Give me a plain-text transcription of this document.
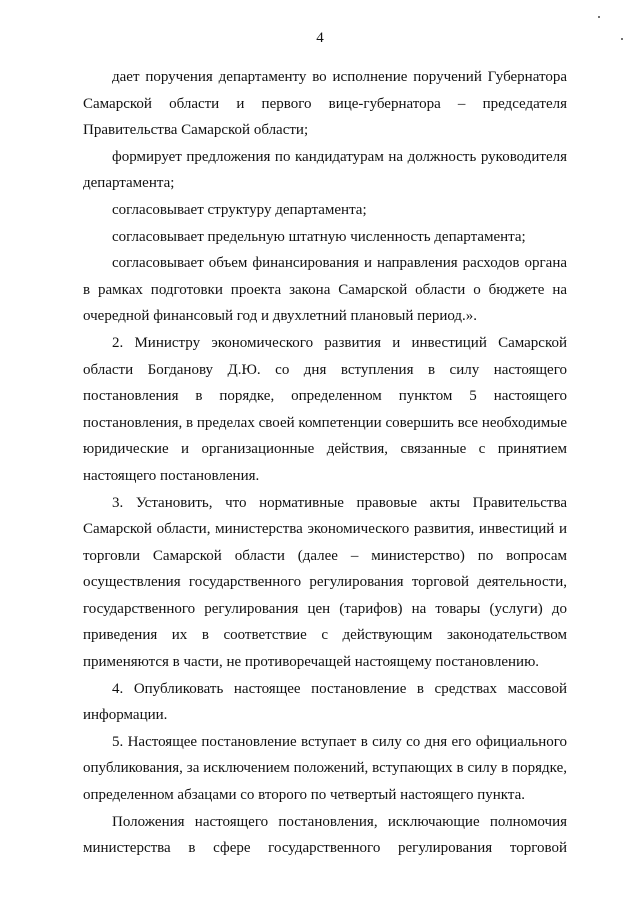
4

дает поручения департаменту во исполнение поручений Губернатора Самарской области и первого вице-губернатора – председателя Правительства Самарской области;

формирует предложения по кандидатурам на должность руководителя департамента;

согласовывает структуру департамента;

согласовывает предельную штатную численность департамента;

согласовывает объем финансирования и направления расходов органа в рамках подготовки проекта закона Самарской области о бюджете на очередной финансовый год и двухлетний плановый период.».

2. Министру экономического развития и инвестиций Самарской области Богданову Д.Ю. со дня вступления в силу настоящего постановления в порядке, определенном пунктом 5 настоящего постановления, в пределах своей компетенции совершить все необходимые юридические и организационные действия, связанные с принятием настоящего постановления.

3. Установить, что нормативные правовые акты Правительства Самарской области, министерства экономического развития, инвестиций и торговли Самарской области (далее – министерство) по вопросам осуществления государственного регулирования торговой деятельности, государственного регулирования цен (тарифов) на товары (услуги) до приведения их в соответствие с действующим законодательством применяются в части, не противоречащей настоящему постановлению.

4. Опубликовать настоящее постановление в средствах массовой информации.

5. Настоящее постановление вступает в силу со дня его официального опубликования, за исключением положений, вступающих в силу в порядке, определенном абзацами со второго по четвертый настоящего пункта.

Положения настоящего постановления, исключающие полномочия министерства в сфере государственного регулирования торговой
